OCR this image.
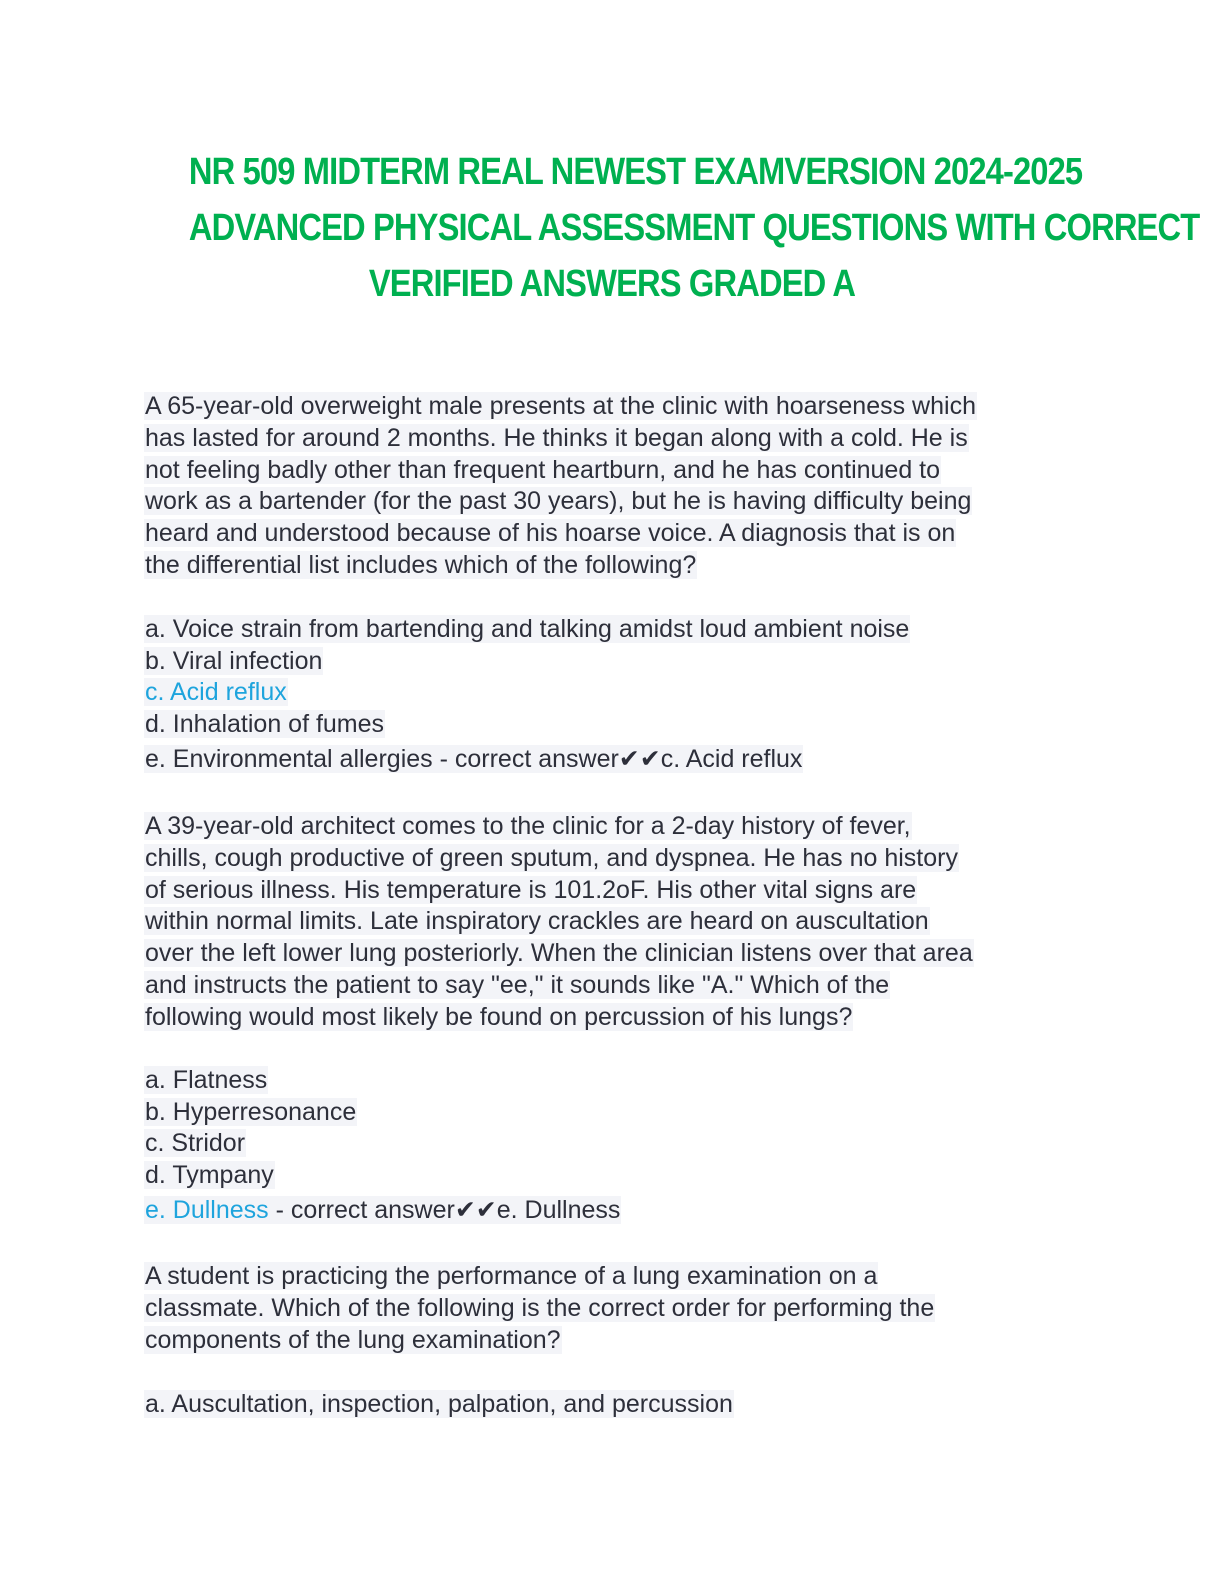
NR 509 MIDTERM REAL NEWEST EXAMVERSION 2024-2025
ADVANCED PHYSICAL ASSESSMENT QUESTIONS WITH CORRECT
VERIFIED ANSWERS GRADED A
A 65-year-old overweight male presents at the clinic with hoarseness which
has lasted for around 2 months. He thinks it began along with a cold. He is
not feeling badly other than frequent heartburn, and he has continued to
work as a bartender (for the past 30 years), but he is having difficulty being
heard and understood because of his hoarse voice. A diagnosis that is on
the differential list includes which of the following?
a. Voice strain from bartending and talking amidst loud ambient noise
b. Viral infection
c. Acid reflux
d. Inhalation of fumes
e. Environmental allergies - correct answer✔✔c. Acid reflux
A 39-year-old architect comes to the clinic for a 2-day history of fever,
chills, cough productive of green sputum, and dyspnea. He has no history
of serious illness. His temperature is 101.2oF. His other vital signs are
within normal limits. Late inspiratory crackles are heard on auscultation
over the left lower lung posteriorly. When the clinician listens over that area
and instructs the patient to say "ee," it sounds like "A." Which of the
following would most likely be found on percussion of his lungs?
a. Flatness
b. Hyperresonance
c. Stridor
d. Tympany
e. Dullness - correct answer✔✔e. Dullness
A student is practicing the performance of a lung examination on a
classmate. Which of the following is the correct order for performing the
components of the lung examination?
a. Auscultation, inspection, palpation, and percussion
